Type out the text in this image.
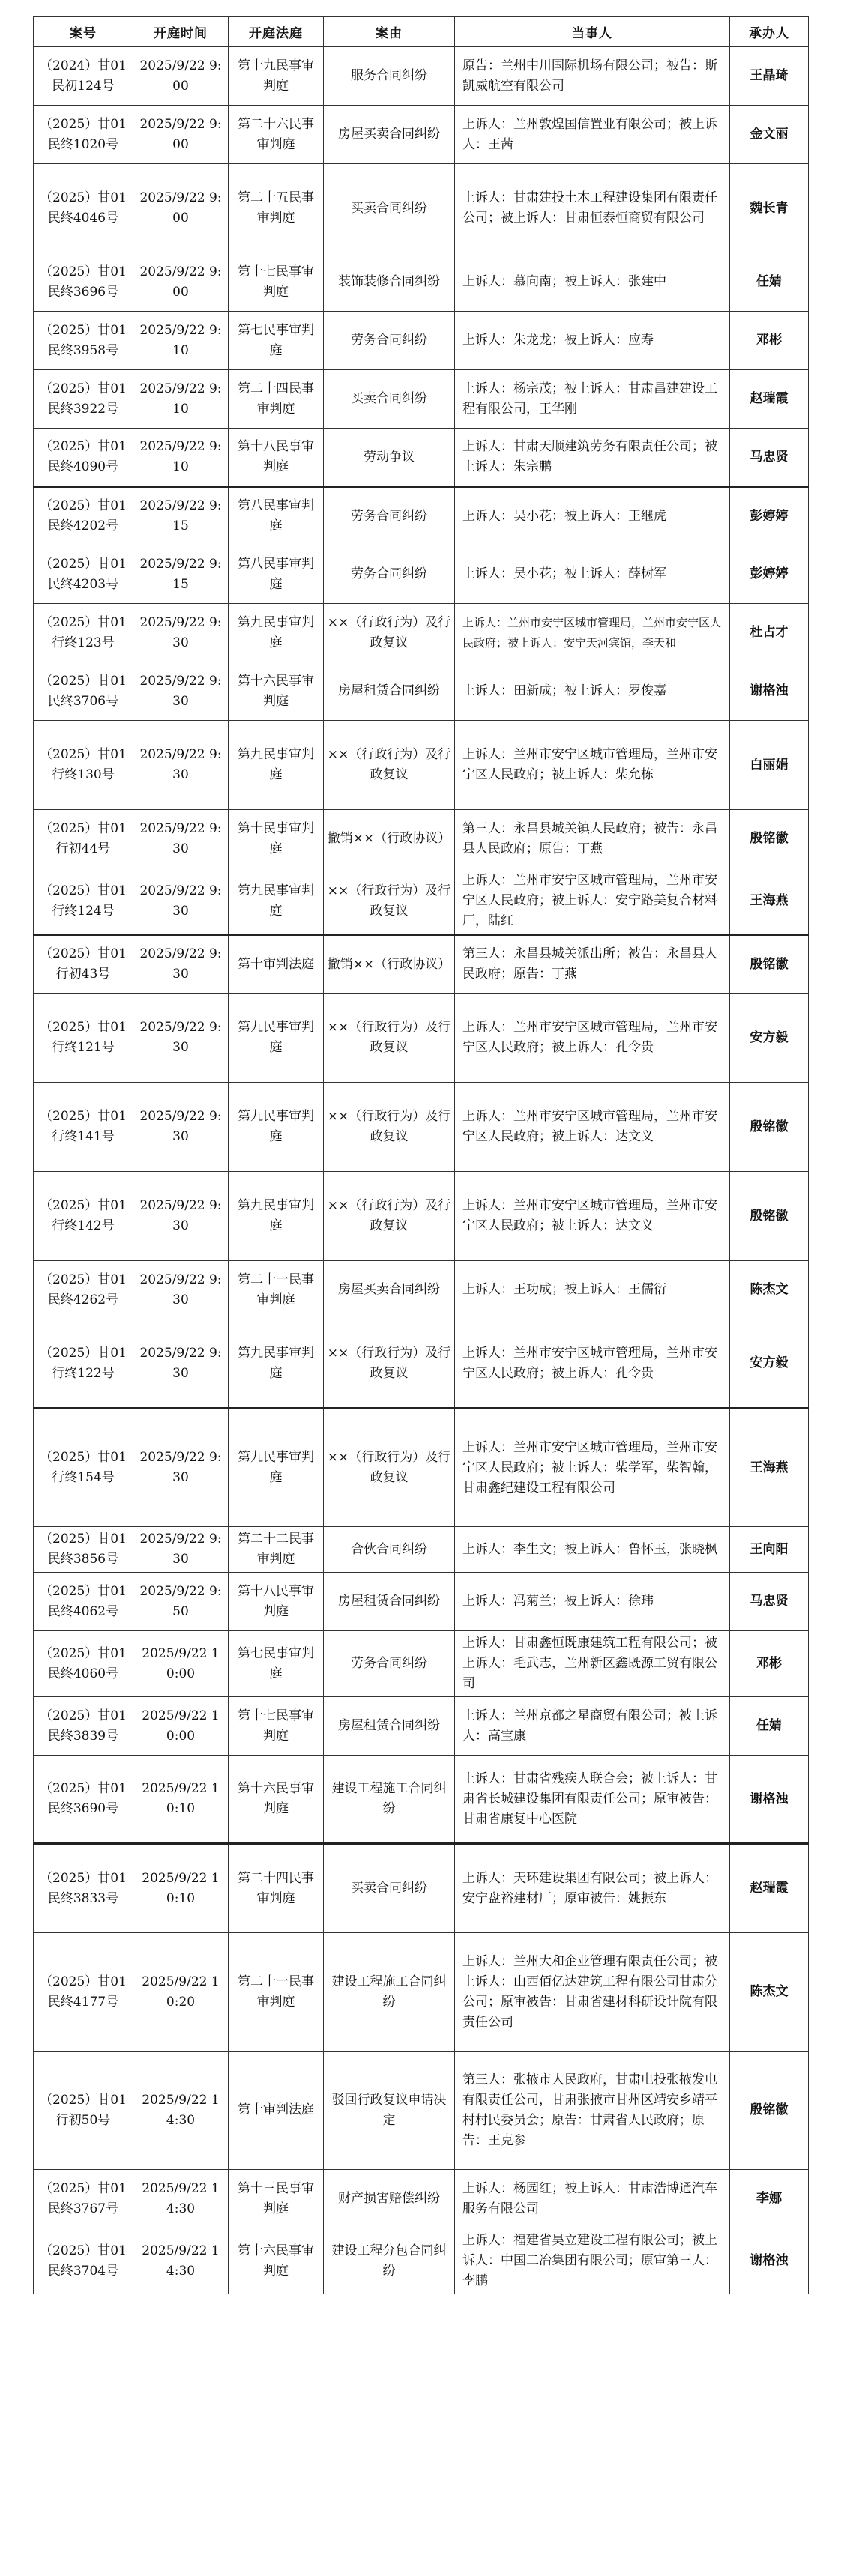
案号	开庭时间	开庭法庭	案由	当事人	承办人
（2024）甘01民初124号	2025/9/22 9:00	第十九民事审判庭	服务合同纠纷	原告：兰州中川国际机场有限公司；被告：斯凯威航空有限公司	王晶琦
（2025）甘01民终1020号	2025/9/22 9:00	第二十六民事审判庭	房屋买卖合同纠纷	上诉人：兰州敦煌国信置业有限公司；被上诉人：王茜	金文丽
（2025）甘01民终4046号	2025/9/22 9:00	第二十五民事审判庭	买卖合同纠纷	上诉人：甘肃建投土木工程建设集团有限责任公司；被上诉人：甘肃恒泰恒商贸有限公司	魏长青
（2025）甘01民终3696号	2025/9/22 9:00	第十七民事审判庭	装饰装修合同纠纷	上诉人：慕向南；被上诉人：张建中	任婧
（2025）甘01民终3958号	2025/9/22 9:10	第七民事审判庭	劳务合同纠纷	上诉人：朱龙龙；被上诉人：应寿	邓彬
（2025）甘01民终3922号	2025/9/22 9:10	第二十四民事审判庭	买卖合同纠纷	上诉人：杨宗茂；被上诉人：甘肃昌建建设工程有限公司，王华刚	赵瑞霞
（2025）甘01民终4090号	2025/9/22 9:10	第十八民事审判庭	劳动争议	上诉人：甘肃天顺建筑劳务有限责任公司；被上诉人：朱宗鹏	马忠贤
（2025）甘01民终4202号	2025/9/22 9:15	第八民事审判庭	劳务合同纠纷	上诉人：吴小花；被上诉人：王继虎	彭婷婷
（2025）甘01民终4203号	2025/9/22 9:15	第八民事审判庭	劳务合同纠纷	上诉人：吴小花；被上诉人：薛树军	彭婷婷
（2025）甘01行终123号	2025/9/22 9:30	第九民事审判庭	××（行政行为）及行政复议	上诉人：兰州市安宁区城市管理局，兰州市安宁区人民政府；被上诉人：安宁天河宾馆，李天和	杜占才
（2025）甘01民终3706号	2025/9/22 9:30	第十六民事审判庭	房屋租赁合同纠纷	上诉人：田新成；被上诉人：罗俊嘉	谢格浊
（2025）甘01行终130号	2025/9/22 9:30	第九民事审判庭	××（行政行为）及行政复议	上诉人：兰州市安宁区城市管理局，兰州市安宁区人民政府；被上诉人：柴允栋	白丽娟
（2025）甘01行初44号	2025/9/22 9:30	第十民事审判庭	撤销××（行政协议）	第三人：永昌县城关镇人民政府；被告：永昌县人民政府；原告：丁燕	殷铭徽
（2025）甘01行终124号	2025/9/22 9:30	第九民事审判庭	××（行政行为）及行政复议	上诉人：兰州市安宁区城市管理局，兰州市安宁区人民政府；被上诉人：安宁路美复合材料厂，陆红	王海燕
（2025）甘01行初43号	2025/9/22 9:30	第十审判法庭	撤销××（行政协议）	第三人：永昌县城关派出所；被告：永昌县人民政府；原告：丁燕	殷铭徽
（2025）甘01行终121号	2025/9/22 9:30	第九民事审判庭	××（行政行为）及行政复议	上诉人：兰州市安宁区城市管理局，兰州市安宁区人民政府；被上诉人：孔令贵	安方毅
（2025）甘01行终141号	2025/9/22 9:30	第九民事审判庭	××（行政行为）及行政复议	上诉人：兰州市安宁区城市管理局，兰州市安宁区人民政府；被上诉人：达文义	殷铭徽
（2025）甘01行终142号	2025/9/22 9:30	第九民事审判庭	××（行政行为）及行政复议	上诉人：兰州市安宁区城市管理局，兰州市安宁区人民政府；被上诉人：达文义	殷铭徽
（2025）甘01民终4262号	2025/9/22 9:30	第二十一民事审判庭	房屋买卖合同纠纷	上诉人：王功成；被上诉人：王儒衍	陈杰文
（2025）甘01行终122号	2025/9/22 9:30	第九民事审判庭	××（行政行为）及行政复议	上诉人：兰州市安宁区城市管理局，兰州市安宁区人民政府；被上诉人：孔令贵	安方毅
（2025）甘01行终154号	2025/9/22 9:30	第九民事审判庭	××（行政行为）及行政复议	上诉人：兰州市安宁区城市管理局，兰州市安宁区人民政府；被上诉人：柴学军，柴智翰，甘肃鑫纪建设工程有限公司	王海燕
（2025）甘01民终3856号	2025/9/22 9:30	第二十二民事审判庭	合伙合同纠纷	上诉人：李生文；被上诉人：鲁怀玉，张晓枫	王向阳
（2025）甘01民终4062号	2025/9/22 9:50	第十八民事审判庭	房屋租赁合同纠纷	上诉人：冯菊兰；被上诉人：徐玮	马忠贤
（2025）甘01民终4060号	2025/9/22 10:00	第七民事审判庭	劳务合同纠纷	上诉人：甘肃鑫恒既康建筑工程有限公司；被上诉人：毛武志，兰州新区鑫既源工贸有限公司	邓彬
（2025）甘01民终3839号	2025/9/22 10:00	第十七民事审判庭	房屋租赁合同纠纷	上诉人：兰州京都之星商贸有限公司；被上诉人：高宝康	任婧
（2025）甘01民终3690号	2025/9/22 10:10	第十六民事审判庭	建设工程施工合同纠纷	上诉人：甘肃省残疾人联合会；被上诉人：甘肃省长城建设集团有限责任公司；原审被告：甘肃省康复中心医院	谢格浊
（2025）甘01民终3833号	2025/9/22 10:10	第二十四民事审判庭	买卖合同纠纷	上诉人：天环建设集团有限公司；被上诉人：安宁盘裕建材厂；原审被告：姚振东	赵瑞霞
（2025）甘01民终4177号	2025/9/22 10:20	第二十一民事审判庭	建设工程施工合同纠纷	上诉人：兰州大和企业管理有限责任公司；被上诉人：山西佰亿达建筑工程有限公司甘肃分公司；原审被告：甘肃省建材科研设计院有限责任公司	陈杰文
（2025）甘01行初50号	2025/9/22 14:30	第十审判法庭	驳回行政复议申请决定	第三人：张掖市人民政府，甘肃电投张掖发电有限责任公司，甘肃张掖市甘州区靖安乡靖平村村民委员会；原告：甘肃省人民政府；原告：王克参	殷铭徽
（2025）甘01民终3767号	2025/9/22 14:30	第十三民事审判庭	财产损害赔偿纠纷	上诉人：杨园红；被上诉人：甘肃浩博通汽车服务有限公司	李娜
（2025）甘01民终3704号	2025/9/22 14:30	第十六民事审判庭	建设工程分包合同纠纷	上诉人：福建省昊立建设工程有限公司；被上诉人：中国二冶集团有限公司；原审第三人：李鹏	谢格浊
